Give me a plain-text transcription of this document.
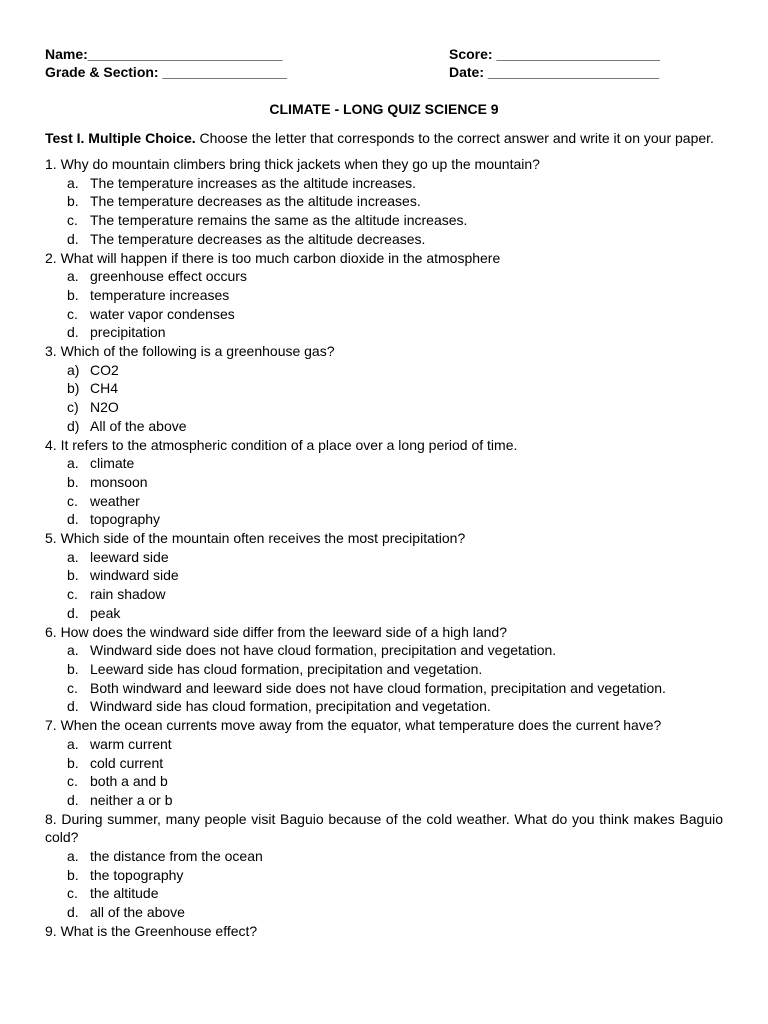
Name:_________________________	Score: _____________________
Grade & Section: ________________	Date: ______________________
CLIMATE - LONG QUIZ SCIENCE 9
Test I. Multiple Choice. Choose the letter that corresponds to the correct answer and write it on your paper.
1. Why do mountain climbers bring thick jackets when they go up the mountain?
a. The temperature increases as the altitude increases.
b. The temperature decreases as the altitude increases.
c. The temperature remains the same as the altitude increases.
d. The temperature decreases as the altitude decreases.
2. What will happen if there is too much carbon dioxide in the atmosphere
a. greenhouse effect occurs
b. temperature increases
c. water vapor condenses
d. precipitation
3. Which of the following is a greenhouse gas?
a) CO2
b) CH4
c) N2O
d) All of the above
4. It refers to the atmospheric condition of a place over a long period of time.
a. climate
b. monsoon
c. weather
d. topography
5. Which side of the mountain often receives the most precipitation?
a. leeward side
b. windward side
c. rain shadow
d. peak
6. How does the windward side differ from the leeward side of a high land?
a. Windward side does not have cloud formation, precipitation and vegetation.
b. Leeward side has cloud formation, precipitation and vegetation.
c. Both windward and leeward side does not have cloud formation, precipitation and vegetation.
d. Windward side has cloud formation, precipitation and vegetation.
7. When the ocean currents move away from the equator, what temperature does the current have?
a. warm current
b. cold current
c. both a and b
d. neither a or b
8. During summer, many people visit Baguio because of the cold weather. What do you think makes Baguio cold?
a. the distance from the ocean
b. the topography
c. the altitude
d. all of the above
9. What is the Greenhouse effect?
